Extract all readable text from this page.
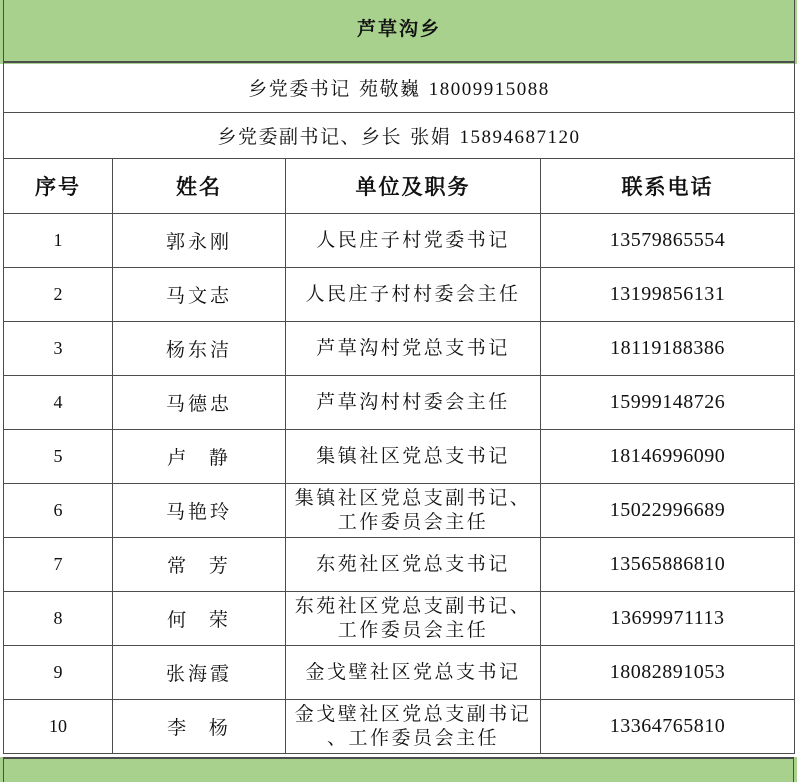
芦草沟乡			
乡党委书记 苑敬巍 18009915088			
乡党委副书记、乡长 张娟 15894687120			
序号	姓名	单位及职务	联系电话
1	郭永刚	人民庄子村党委书记	13579865554
2	马文志	人民庄子村村委会主任	13199856131
3	杨东洁	芦草沟村党总支书记	18119188386
4	马德忠	芦草沟村村委会主任	15999148726
5	卢 静	集镇社区党总支书记	18146996090
6	马艳玲	集镇社区党总支副书记、
工作委员会主任	15022996689
7	常 芳	东苑社区党总支书记	13565886810
8	何 荣	东苑社区党总支副书记、
工作委员会主任	13699971113
9	张海霞	金戈壁社区党总支书记	18082891053
10	李 杨	金戈壁社区党总支副书记
、工作委员会主任	13364765810
